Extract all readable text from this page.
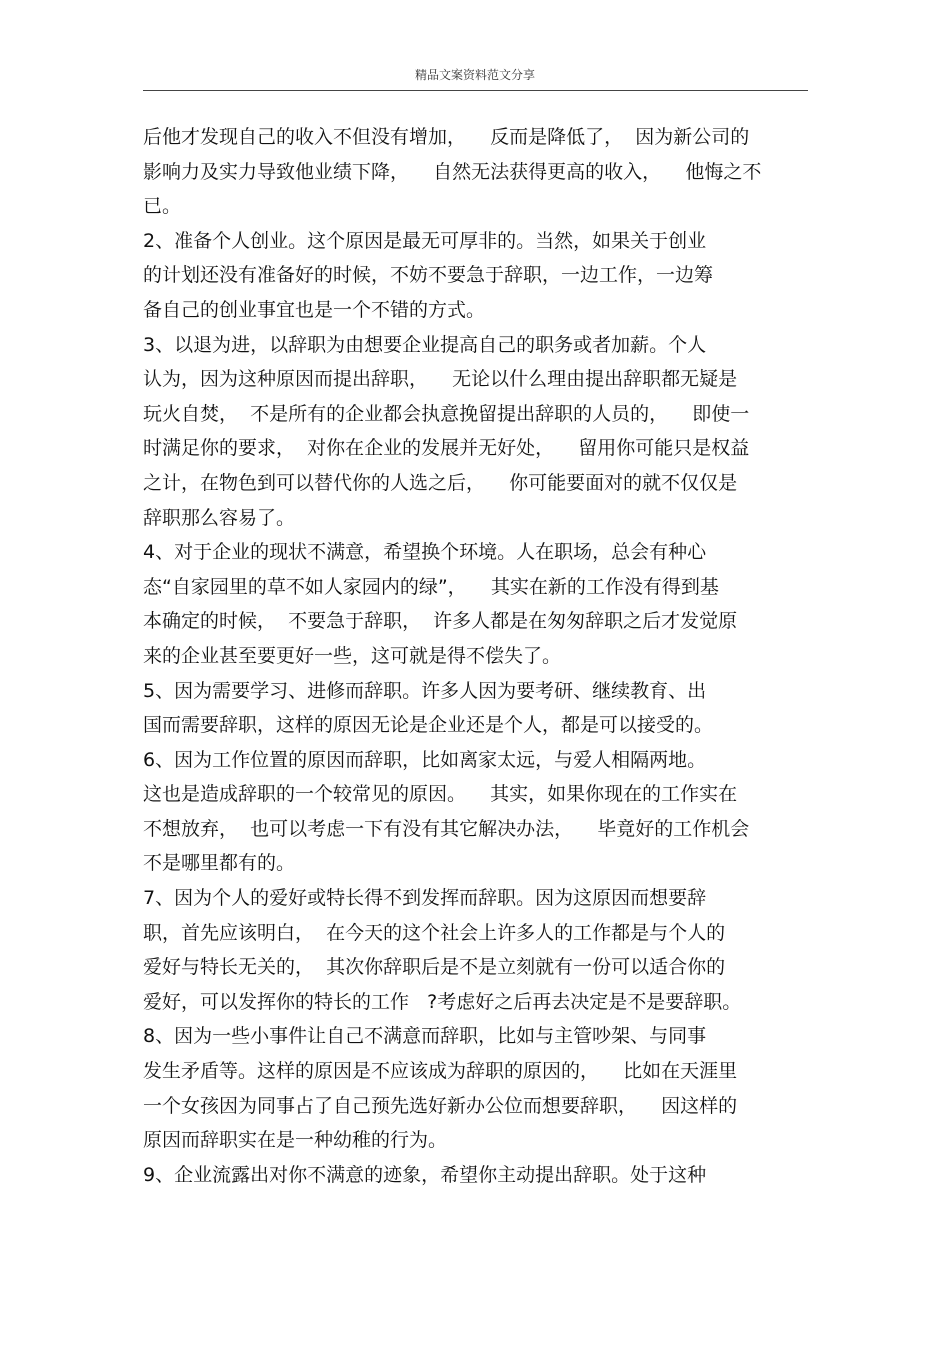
精品文案资料范文分享
后他才发现自己的收入不但没有增加，    反而是降低了，  因为新公司的
影响力及实力导致他业绩下降，    自然无法获得更高的收入，    他悔之不
已。
2、准备个人创业。这个原因是最无可厚非的。当然，如果关于创业
的计划还没有准备好的时候，不妨不要急于辞职，一边工作，一边筹
备自己的创业事宜也是一个不错的方式。
3、以退为进，以辞职为由想要企业提高自己的职务或者加薪。个人
认为，因为这种原因而提出辞职，    无论以什么理由提出辞职都无疑是
玩火自焚，  不是所有的企业都会执意挽留提出辞职的人员的，    即使一
时满足你的要求，  对你在企业的发展并无好处，    留用你可能只是权益
之计，在物色到可以替代你的人选之后，    你可能要面对的就不仅仅是
辞职那么容易了。
4、对于企业的现状不满意，希望换个环境。人在职场，总会有种心
态“自家园里的草不如人家园内的绿”，    其实在新的工作没有得到基
本确定的时候，  不要急于辞职，  许多人都是在匆匆辞职之后才发觉原
来的企业甚至要更好一些，这可就是得不偿失了。
5、因为需要学习、进修而辞职。许多人因为要考研、继续教育、出
国而需要辞职，这样的原因无论是企业还是个人，都是可以接受的。
6、因为工作位置的原因而辞职，比如离家太远，与爱人相隔两地。
这也是造成辞职的一个较常见的原因。    其实，如果你现在的工作实在
不想放弃，  也可以考虑一下有没有其它解决办法，    毕竟好的工作机会
不是哪里都有的。
7、因为个人的爱好或特长得不到发挥而辞职。因为这原因而想要辞
职，首先应该明白，  在今天的这个社会上许多人的工作都是与个人的
爱好与特长无关的，  其次你辞职后是不是立刻就有一份可以适合你的
爱好，可以发挥你的特长的工作   ?考虑好之后再去决定是不是要辞职。
8、因为一些小事件让自己不满意而辞职，比如与主管吵架、与同事
发生矛盾等。这样的原因是不应该成为辞职的原因的，    比如在天涯里
一个女孩因为同事占了自己预先选好新办公位而想要辞职，    因这样的
原因而辞职实在是一种幼稚的行为。
9、企业流露出对你不满意的迹象，希望你主动提出辞职。处于这种
